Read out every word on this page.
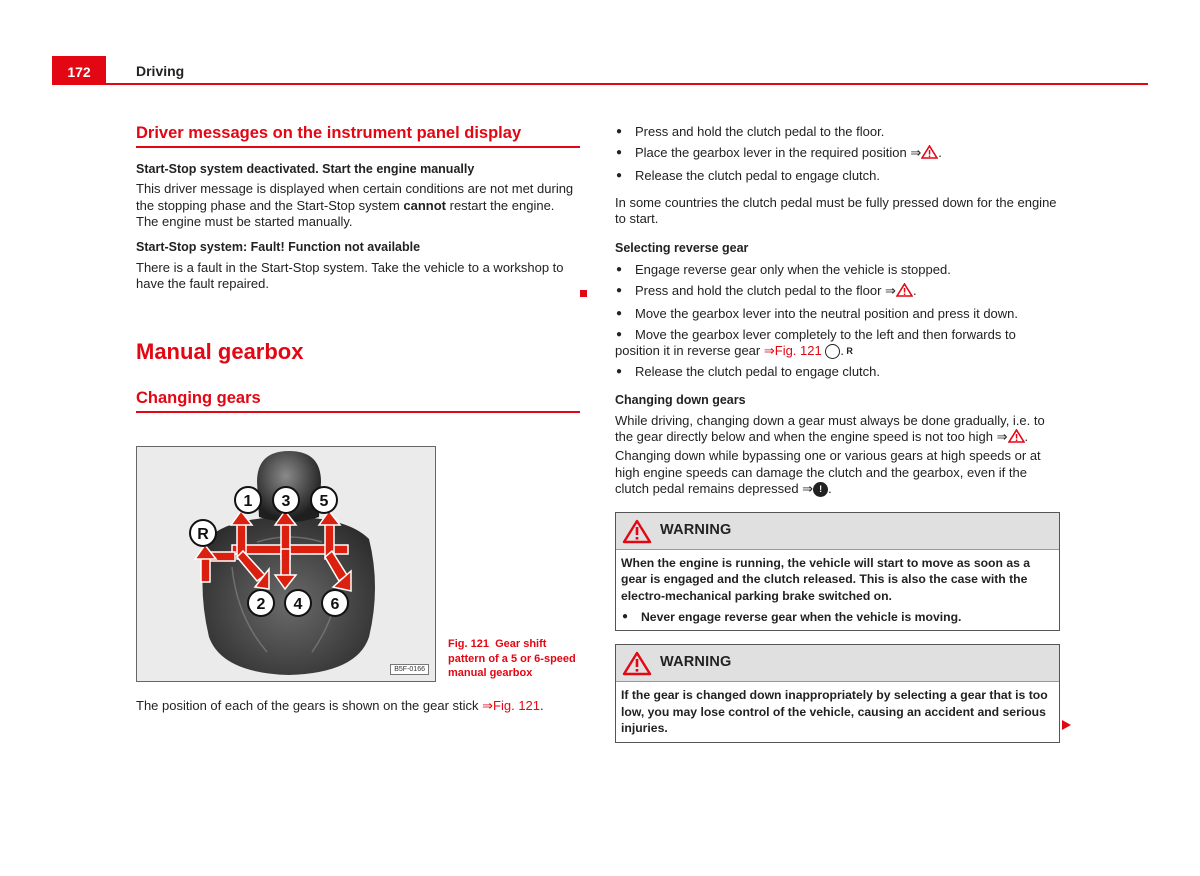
172	Driving
Driver messages on the instrument panel display

Start-Stop system deactivated. Start the engine manually

This driver message is displayed when certain conditions are not met during the stopping phase and the Start-Stop system cannot restart the engine. The engine must be started manually.

Start-Stop system: Fault! Function not available

There is a fault in the Start-Stop system. Take the vehicle to a workshop to have the fault repaired.

Manual gearbox
Changing gears
1 3 5
R
2 4 6
B5F-0166
Fig. 121 Gear shift pattern of a 5 or 6-speed manual gearbox

The position of each of the gears is shown on the gear stick ⇒Fig. 121.

● Press and hold the clutch pedal to the floor.
● Place the gearbox lever in the required position ⇒ .
● Release the clutch pedal to engage clutch.

In some countries the clutch pedal must be fully pressed down for the engine to start.

Selecting reverse gear

● Engage reverse gear only when the vehicle is stopped.
● Press and hold the clutch pedal to the floor ⇒ .
● Move the gearbox lever into the neutral position and press it down.
● Move the gearbox lever completely to the left and then forwards to position it in reverse gear ⇒Fig. 121	R.
● Release the clutch pedal to engage clutch.

Changing down gears

While driving, changing down a gear must always be done gradually, i.e. to the gear directly below and when the engine speed is not too high ⇒ . Changing down while bypassing one or various gears at high speeds or at high engine speeds can damage the clutch and the gearbox, even if the clutch pedal remains depressed ⇒ ! .

WARNING
When the engine is running, the vehicle will start to move as soon as a gear is engaged and the clutch released. This is also the case with the electro-mechanical parking brake switched on.
● Never engage reverse gear when the vehicle is moving.
WARNING
If the gear is changed down inappropriately by selecting a gear that is too low, you may lose control of the vehicle, causing an accident and serious injuries.
